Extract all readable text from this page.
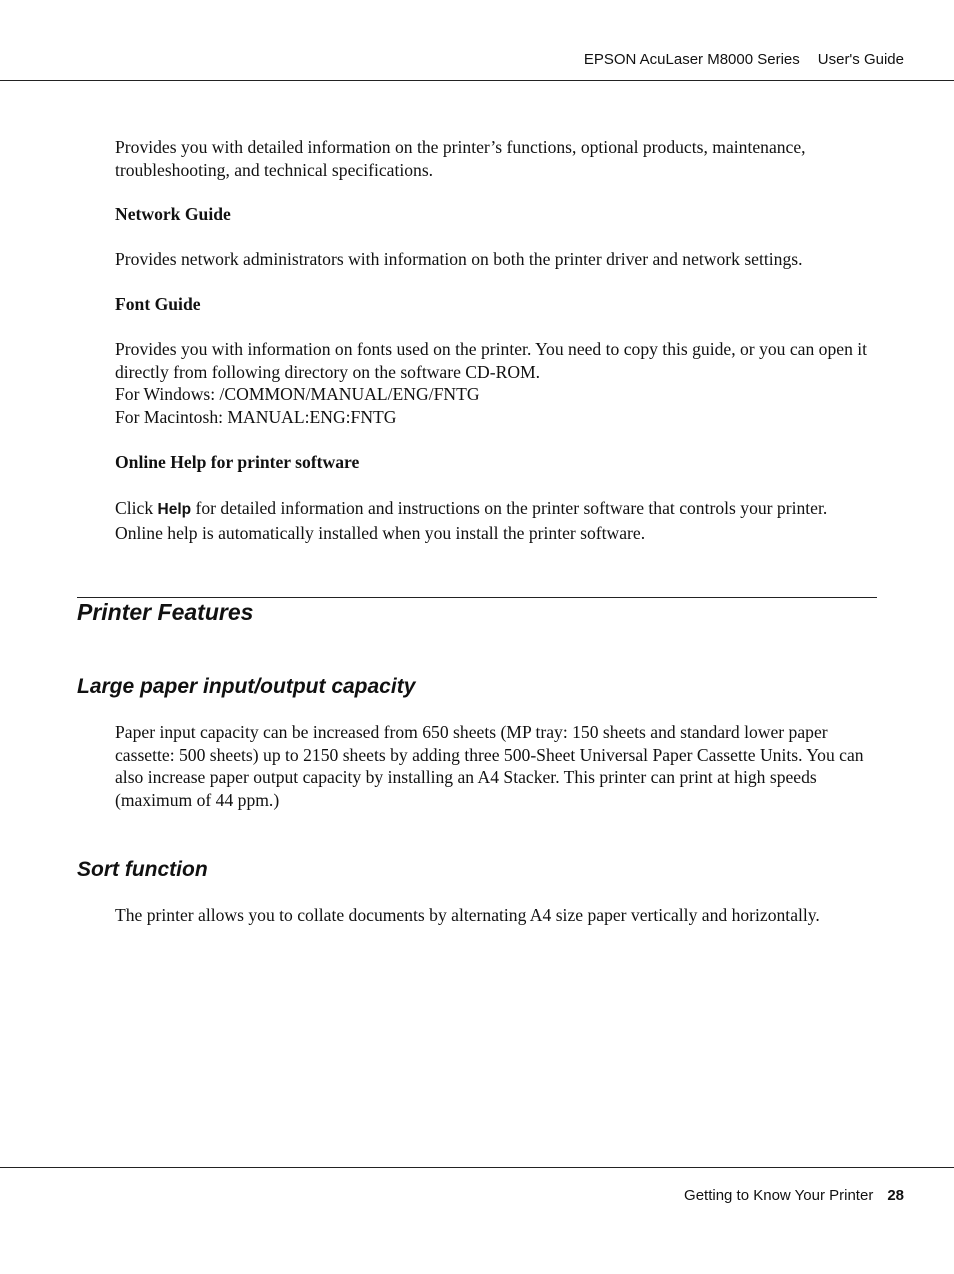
EPSON AcuLaser M8000 Series User's Guide

Provides you with detailed information on the printer’s functions, optional products, maintenance, troubleshooting, and technical specifications.

Network Guide

Provides network administrators with information on both the printer driver and network settings.

Font Guide

Provides you with information on fonts used on the printer. You need to copy this guide, or you can open it directly from following directory on the software CD-ROM.

For Windows: /COMMON/MANUAL/ENG/FNTG

For Macintosh: MANUAL:ENG:FNTG

Online Help for printer software

Click Help for detailed information and instructions on the printer software that controls your printer. Online help is automatically installed when you install the printer software.

Printer Features
Large paper input/output capacity

Paper input capacity can be increased from 650 sheets (MP tray: 150 sheets and standard lower paper cassette: 500 sheets) up to 2150 sheets by adding three 500-Sheet Universal Paper Cassette Units. You can also increase paper output capacity by installing an A4 Stacker. This printer can print at high speeds (maximum of 44 ppm.)

Sort function

The printer allows you to collate documents by alternating A4 size paper vertically and horizontally.

Getting to Know Your Printer 28
